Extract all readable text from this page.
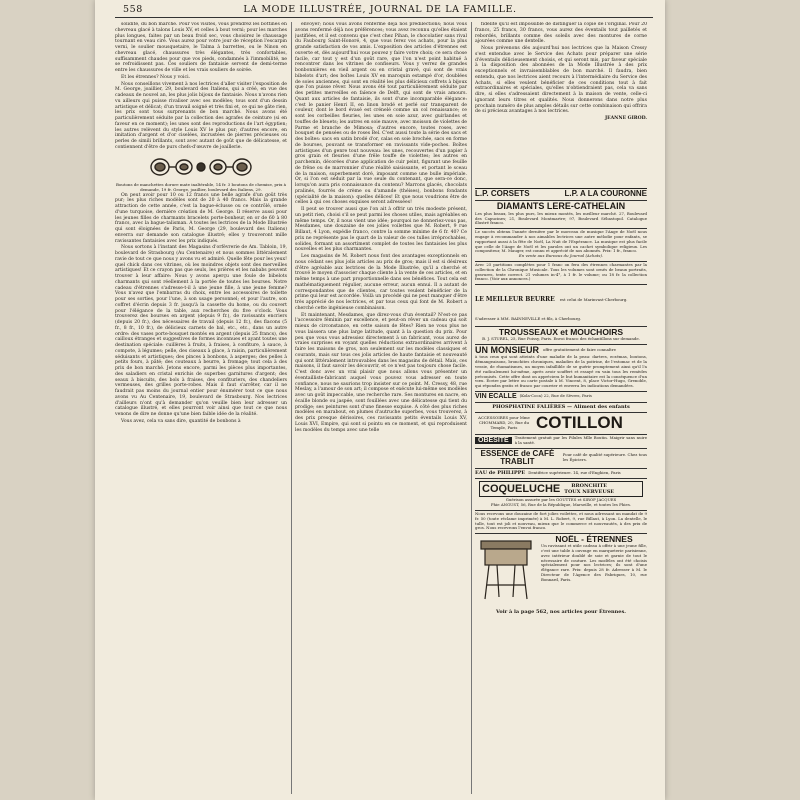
558	LA MODE ILLUSTRÉE, JOURNAL DE LA FAMILLE.

solidité, du bon marché. Pour vos visites, vous prendrez les bottines en chevreau glacé à talons Louis XV, et celles à bout verni; pour les marches plus longues, faites par un beau froid sec, vous choisirez le chaussage tournant en veau ciré. Vous aurez pour votre jour de réception l'escarpin verni, le soulier mousquetaire, le Talma à barrettes, ou le Ninon en chevreau glacé, chaussures très élégantes, très confortables, suffisamment chaudes pour que vos pieds, condamnés à l'immobilité, ne se refroidissent pas. Ces souliers de fantaisie servent de demi-terme entre les chaussures de ville et les vrais souliers de soirée.

Et les étrennes? Nous y voici.

Nous conseillons vivement à nos lectrices d'aller visiter l'exposition de M. George, joaillier, 29, boulevard des Italiens, qui a créé, en vue des cadeaux de nouvel an, les plus jolis bijoux de fantaisie. Nous n'avons rien vu ailleurs qui puisse rivaliser avec ses modèles; tous sont d'un dessin artistique et délicat; d'un travail soigné et très fini et, ce qui ne gâte rien, les prix sont tous surprenants de bon marché. Nous avons été particulièrement séduite par la collection des agrafes de ceinture (si en faveur en ce moment); les unes sont des reproductions de l'art égyptien; les autres relèvent du style Louis XV le plus pur; d'autres encore, en imitation d'argent et d'or ciselées, incrustées de pierres précieuses ou perles de simili brillants, sont avec autant de goût que de délicatesse, et contiennent d'être de purs chefs-d'œuvre de joaillerie.

Boutons de manchettes dorure mate inaltérable, 14 fr. 3 boutons de chemise, prix à demande, 19 fr. George, joaillier, boulevard des Italiens, 29.

On peut avoir pour 10 ou 12 francs une belle agrafe d'un goût très pur; les plus riches modèles sont de 20 à 40 francs. Mais la grande attraction de cette année, c'est la bague-éclusse ou ce contrôlé, ornée d'une turquoise, dernière création de M. George. Il réserve aussi pour les jeunes filles de charmants bracelets porte-bonheur, en or de 60 à 80 francs, avec la bague-talisman. A toutes les lectrices de la Mode Illustrée qui sont éloignées de Paris, M. George (29, boulevard des Italiens) enverra sur demande son catalogue illustré; elles y trouveront mille ravissantes fantaisies avec les prix indiqués.

Nous sortons à l'instant des Magasins d'orfèvrerie de Am. Tabloin, 19, boulevard de Strasbourg (Au Centenaire) et nous sommes littéralement ravie de tout ce que nous y avons vu et admiré. Quelle fête pour les yeux! quel chick dans ces vitrines, où les moindres objets sont des merveilles artistiques! Et ce crayon pas que seuls, les prières et les nababs peuvent trouver à leur affaire: Nous y avons aperçu une foule de bibelots charmants qui sont réellement à la portée de toutes les bourses. Notre cadeau d'étrennes s'adresse-t-il à une jeune fille, à une jeune femme? Vous n'avez que l'embarras du choix, entre les accessoires de toilette pour ses sorties, pour l'une, à son usage personnel; et pour l'autre, son coffret d'écrin depuis 3 fr. jusqu'à la cassette du home, ou du couvert pour l'élégance de la table, aux recherches du five o'clock. Vous trouverez des bourses en argent (depuis 9 fr.), de ravissants encriers (depuis 20 fr.), des nécessaires de travail (depuis 12 fr.), des flacons (5 fr., 8 fr., 10 fr.), de délicieux carnets de bal, etc., etc., dans un autre ordre: des vases porte-bouquet montés en argent (depuis 25 francs), des cailloux étranges et suggestives de formes inconnues et ayant toutes une destination spéciale: cuillères à fruits, à fraises, à confiture, à sauce, à compote, à légumes; pelle, des ciseaux à glace, à raisin, particulièrement séduisants et artistiques; des pinces à bonbons, à asperges; des pelles à petits fours, à pâté; des couteaux à beurre, à fromage; tout cela à des prix de bon marché. Jetons encore, parmi les pièces plus importantes, des saladiers en cristal enrichis de superbes garnitures d'argent; des seaux à biscuits, des bols à fraises, des confituriers, des chandeliers vermeuses, des grilles porte-robes. Mais il faut s'arrêter, car il ne faudrait pas moins du journal entier pour énumérer tout ce que nous avons vu Au Centenaire, 19, boulevard de Strasbourg. Nos lectrices d'ailleurs n'ont qu'à demander qu'on veuille bien leur adresser un catalogue illustré, et elles pourront voir ainsi que tout ce que nous venons de dire ne donne qu'une bien faible idée de la réalité.

Vous avez, cela va sans dire, quantité de bonbons à

envoyer; nous vous avons renfermé déjà nos prédilections; nous vous avons renfermé déjà nos préférences; vous avez reconnu qu'elles étaient justifiées, et il est convenu que c'est chez Pihan, le chocolatier sans rival du Faubourg Saint-Honoré, 4, que vous ferez vos achats, pour la plus grande satisfaction de vos amis. L'exposition des articles d'étrennes est ouverte et, dès aujourd'hui vous pouvez y faire votre choix; ce sera chose facile, car tout y est d'un goût rare, que l'on n'est point habitué à rencontrer dans les vitrines de confiseurs. Vous y verrez de grandes bonbonnières en vieil argent ou en cristal gravé, qui sont de vrais bibelots d'art; des boîtes Louis XV en maroquin estampé d'or, doublées de soies anciennes, qui sont en réalité les plus délicieux coffrets à bijoux que l'on puisse rêver. Nous avons été tout particulièrement séduite par des petites merveilles en faïence de Delft, qui sont de vrais amours. Quant aux articles de fantaisie, ils sont d'une incomparable élégance: c'est le panier Henri II, en linon brodé et perlé sur transparent de couleur, dont le bord évasé est crénelé comme un col renaissance; ce sont les corbeilles fleuries, les unes en soie azur, avec guirlandes et touffes de bleuets; les autres en soie mauve, avec moisson de violettes de Parme et branche de Mimosa; d'autres encore, toutes roses, avec bouquet de pensées ou de roses Bel. C'est aussi toute la série des sacs et des boîtes: sacs en satin brodé d'or, calas en soie brochée, sacs en forme de bourses, pouvant se transformer en ravissants vide-poches. Boîtes artistiques d'un genre tout nouveau: les unes, recouvertes d'un papier à gros grain et fleuries d'une frêle touffe de violettes; les autres en parchemin, décorées d'une application de cuir peint, figurant une feuille de frêne ou de marronnier d'une réalité saisissante, et portant le sceau de la maison, superbement doré, imposant comme une bulle impériale. Or, si l'on est séduit par la vue seule du contenant, que sera-ce donc, lorsqu'on aura pris connaissance du contenu? Marrons glacés, chocolats pralinés, fourrés de crème ou d'amande (théises), bonbons fondants (spécialité de la maison): quelles délices! Et que nous voudrions être de celles à qui ces choses exquises seront adressées!

Il peut se trouver aussi que l'on ait à offrir un très modeste présent, un petit rien, choisi s'il se peut parmi les choses utiles, mais agréables en même temps. Or, il nous vient une idée; pourquoi ne donneriez-vous pas, Mesdames, une douzaine de ces jolies voilettes que M. Robert, 9 rue Billaut, 4 Lyon, expédie franco, contre la somme minime de 6 fr. 40? Ce prix ne représente pas le quart de la valeur de ces tulles irréprochables, solides, formant un assortiment complet de toutes les fantaisies les plus nouvelles et les plus charmantes.

Les magasins de M. Robert nous font des avantages exceptionnels en nous cédant ses plus jolis articles au prix de gros; mais il est si désireux d'être agréable aux lectrices de la Mode Illustrée, qu'il a cherché et trouvé le moyen d'associer chaque cliente à la vente de ces articles, et en même temps à une part proportionnelle dans ses bénéfices. Tout cela est mathématiquement régulier, aucune erreur, aucun ennui. Il a autant de correspondantes que de clientes, car toutes veulent bénéficier de la prime qui leur est accordée. Voilà un procédé qui ne peut manquer d'être très apprécié de nos lectrices, et par tous ceux qui font de M. Robert a cherché cette ingénieuse combinaison.

Et maintenant, Mesdames, que direz-vous d'un éventail? N'est-ce pas l'accessoire féminin par excellence, et peut-on rêver un cadeau qui soit mieux de circonstance, en cette saison de fêtes? Rien ne vous plus ne vous laissera une plus large latitude, quant à la question du prix. Pour peu que vous vous adressiez directement à un fabricant, vous aurez de vraies surprises en voyant quelles réductions extraordinaires arrivent à faire les maisons de gros, non seulement sur les modèles classiques et courants, mais sur tous ces jolis articles de haute fantaisie et nouveauté qui sont littéralement introuvables dans les magasins de détail. Mais, ces maisons, il faut savoir les découvrir, et ce n'est pas toujours chose facile. C'est donc avec un vrai plaisir que nous allons vous présenter un éventailliste-fabricant auquel vous pouvez vous adresser en toute confiance, nous ne saurions trop insister sur ce point. M. Cressy, 48, rue Meslay, a l'amour de son art; il compose et exécute lui-même ses modèles avec un goût impeccable, une recherche rare. Ses montures en nacre, en écaille blonde ou jaspée, sont fouillées avec une délicatesse qui tient du prodige; ses peintures sont d'une finesse exquise. A côté des plus riches modèles en marabout, en plumes d'autruche superbes, vous trouverez, à des prix presque dérisoires, ces ravissants petits éventails Louis XV, Louis XVI, Empire, qui sont si pointu en ce moment, et qui reproduisent les modèles du temps avec une telle

fidélité qu'il est impossible de distinguer la copie de l'original. Pour 20 francs, 25 francs, 30 francs, vous aurez des éventails tout pailletés et rebordés, brillants comme des soleils avec des montures de corne ajourées comme une dentelle.

Nous prévenons dès aujourd'hui nos lectrices que la Maison Cressy s'est entendue avec le Service des Achats pour préparer une série d'éventails délicieusement choisis, et qui seront mis, par faveur spéciale à la disposition des abonnées de la Mode Illustrée à des prix exceptionnels et invraisemblables de bon marché. Il faudra, bien entendu, que nos lectrices aient recours à l'intermédiaire du Service des Achats, si elles veulent bénéficier de ces conditions tout à fait extraordinaires et spéciales, qu'elles n'obtiendraient pas, cela va sans dire, si elles s'adressaient directement à la maison de vente, celle-ci ignorant leurs titres et qualités. Nous donnerons dans notre plus prochain numéro de plus amples détails sur cette combinaison qui offrira de si précieux avantages à nos lectrices.

JEANNE GIROD.
L.P. CORSETS	L.P. A LA COURONNE
DIAMANTS LERE-CATHELAIN
Les plus beaux, les plus purs, les mieux montés, les meilleur marché. 27, Boulevard des Capucines; 21, Boulevard Montmartre; 97, Boulevard Sébastopol. Catalogue illustré franco.
Le succès obtenu l'année dernière par le morceau de musique l'Ange de Noël nous engage à recommander à nos aimables lectrices une autre mélodie pour enfants, se rapportant aussi à la fête de Noël, La Nuit de l'Espérance. La musique est plus facile que celle de l'Ange de Noël et les paroles ont un cachet symbolique religieux. Les compositeur, M. Mauger, est connu et apprécié de nos abonnés. Prix: 1 fr., franco.
En vente aux Bureaux du Journal (Achats).
Avec 25 partitions complètes pour 1 franc on fera des étrennes charmantes par la collection de la Chronique Musicale. Tous les volumes sont ornés de beaux portraits, gravures, texte correct. 21 volumes in-4°, à 1 fr. le volume; ou 18 fr. la collection franco. (Voir aux annonces.)
LE MEILLEUR BEURRE est celui de Marinvast-Cherbourg. S'adresser à MM. BAINNEVILLE et fils, à Cherbourg.
TROUSSEAUX et MOUCHOIRS
B. J. STUREL, 25, Rue Poissy, Paris. Envoi franco des échantillons sur demande.
UN MONSIEUR offre gratuitement de faire connaître
à tous ceux qui sont atteints d'une maladie de la peau: dartres, eczémas, boutons, démangeaisons, bronchites chroniques, maladies de la poitrine, de l'estomac et de la vessie, de rhumatismes, un moyen infaillible de se guérir promptement ainsi qu'il l'a été radicalement lui-même, après avoir souffert et essayé en vain tous les remèdes préconisés. Cette offre dont on appréciera le but humanitaire est la conséquence d'un vœu. Écrire par lettre ou carte postale à M. Vincent, 8, place Victor-Hugo, Grenoble, qui répondra gratis et franco par courrier et enverra les indications demandées.
VIN ECALLE (Kola-Coca) 22, Rue de Sèvres, Paris
PHOSPHATINE FALIÈRES — Aliment des enfants
ACCESSOIRES pour Mme CHOMMARD, 20, Rue du Temple, Paris	COTILLON
OBÉSITÉ	Traitement gratuit par les Pilules Mlle Boutin. Maigrir sans nuire à la santé.
ESSENCE de CAFÉ TRABLIT
Pour café de qualité supérieure. Chez tous les Épiciers.
EAU de PHILIPPE Dentifrice supérieure. 14, rue d'Enghien, Paris
COQUELUCHE	BRONCHITE
TOUX NERVEUSE
Guérison assurée par les GOUTTES et SIROP JACQUES
Phie ANGUST, 56, Rue de la République, Marseille, et toutes les Phies.
Nous recevons une douzaine de fort jolies voilettes, et nous adressant un mandat de 9 fr. 50 (toute réclame imprimée) à M. L. Robert, 9, rue Billaut, à Lyon. La dentelle, le tulle, tout est joli et nouveau, mieux que le commerce et nouveautés, à des prix de gros. Nous recevrons l'envoi franco.
NOËL - ÉTRENNES
Un ravissant et utile cadeau à offrir à une jeune fille, c'est une table à ouvrage en marqueterie parisienne, avec intérieur doublé de soie et garnie de tout le nécessaire de couture. Les modèles ont été choisis spécialement pour nos lectrices; ils sont d'une élégance rare. Prix: depuis 28 fr. Adresser à M. le Directeur de l'Agence des Fabriques, 10, rue Bonnard, Paris.
Voir à la page 562, nos articles pour Étrennes.
